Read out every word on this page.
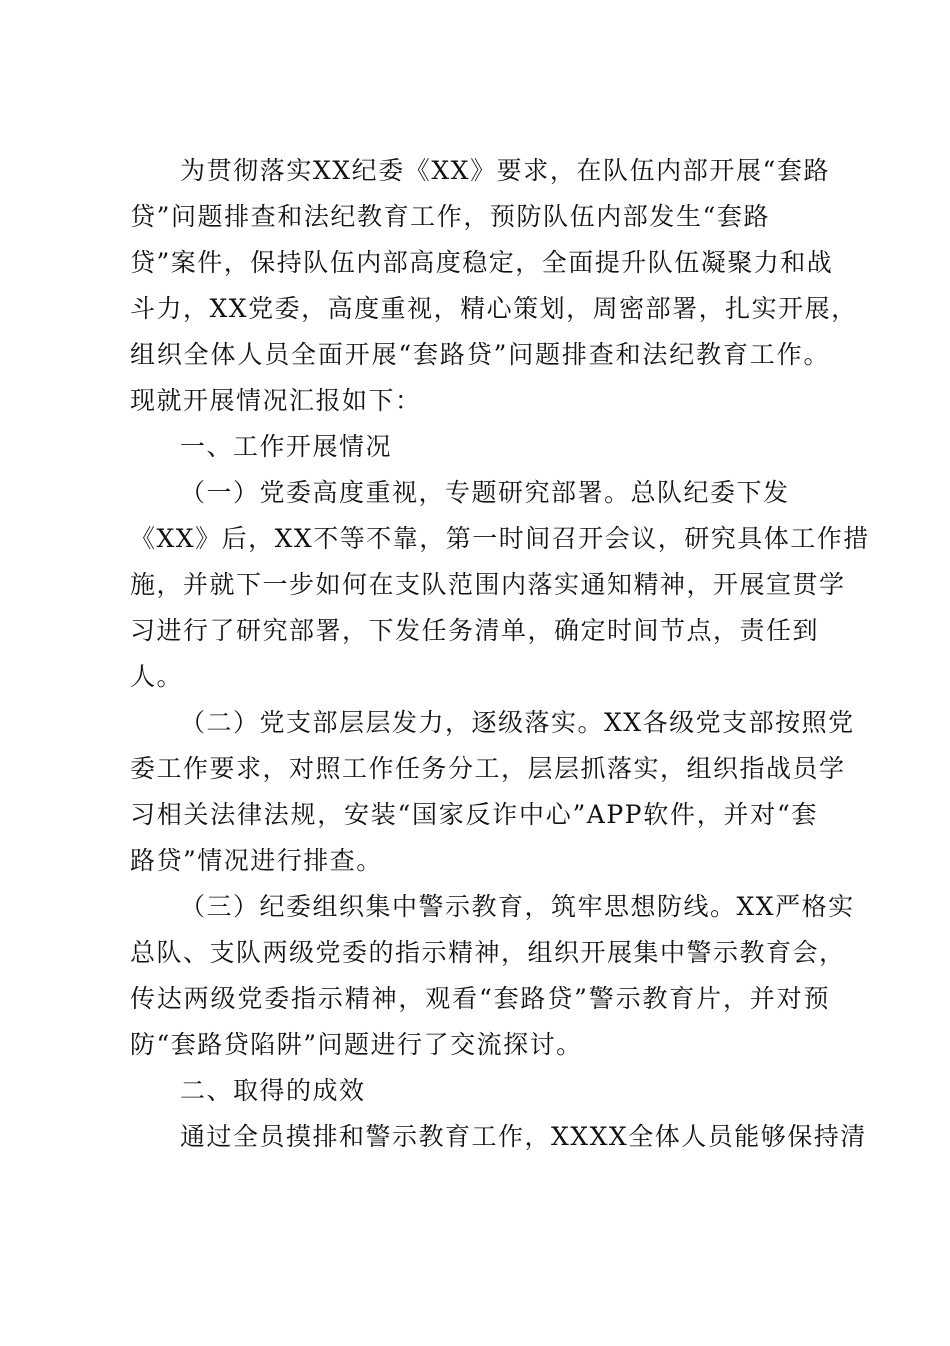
为贯彻落实XX纪委《XX》要求，在队伍内部开展“套路
贷”问题排查和法纪教育工作，预防队伍内部发生“套路
贷”案件，保持队伍内部高度稳定，全面提升队伍凝聚力和战
斗力，XX党委，高度重视，精心策划，周密部署，扎实开展，
组织全体人员全面开展“套路贷”问题排查和法纪教育工作。
现就开展情况汇报如下：
一、工作开展情况
（一）党委高度重视，专题研究部署。总队纪委下发
《XX》后，XX不等不靠，第一时间召开会议，研究具体工作措
施，并就下一步如何在支队范围内落实通知精神，开展宣贯学
习进行了研究部署，下发任务清单，确定时间节点，责任到
人。
（二）党支部层层发力，逐级落实。XX各级党支部按照党
委工作要求，对照工作任务分工，层层抓落实，组织指战员学
习相关法律法规，安装“国家反诈中心”APP软件，并对“套
路贷”情况进行排查。
（三）纪委组织集中警示教育，筑牢思想防线。XX严格实
总队、支队两级党委的指示精神，组织开展集中警示教育会，
传达两级党委指示精神，观看“套路贷”警示教育片，并对预
防“套路贷陷阱”问题进行了交流探讨。
二、取得的成效
通过全员摸排和警示教育工作，XXXX全体人员能够保持清
